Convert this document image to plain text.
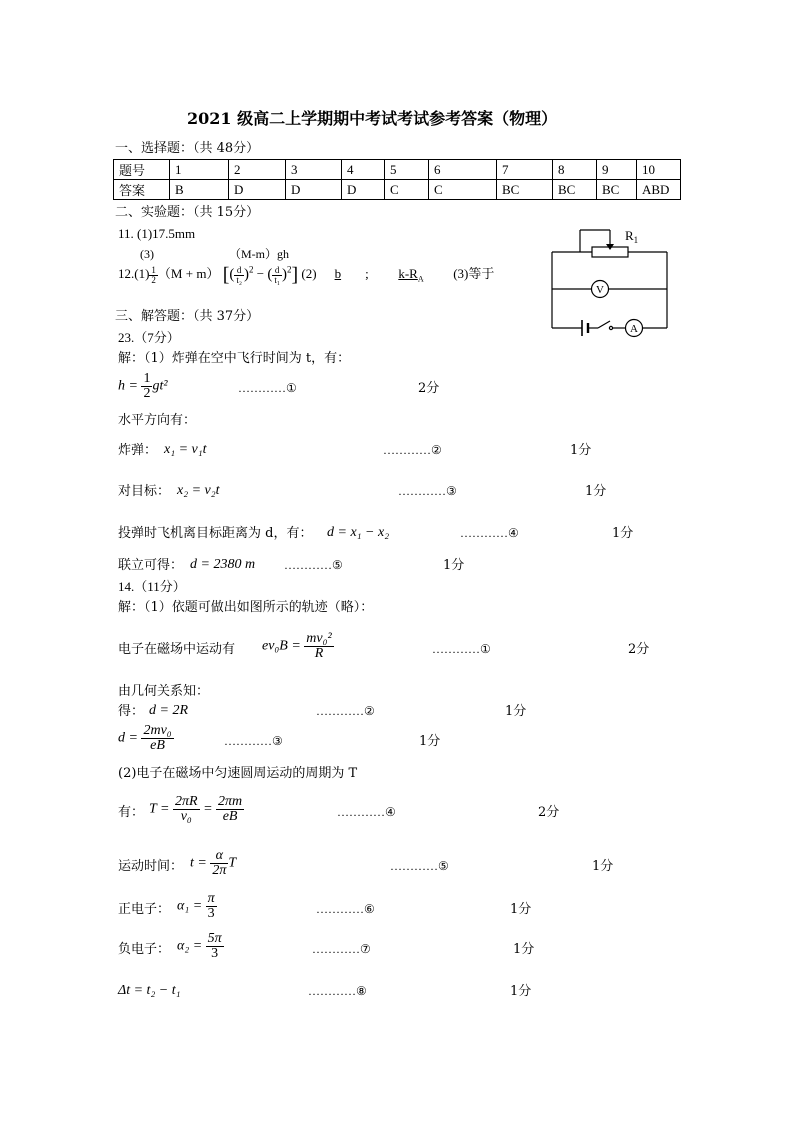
2021 级高二上学期期中考试考试参考答案（物理）
一、选择题：（共 48分）
题号	1	2	3	4	5	6	7	8	9	10
答案	B	D	D	D	C	C	BC	BC	BC	ABD
二、实验题：（共 15分）
11. (1)17.5mm
(3)	（M-m）gh
$12.(1) \frac{1}{2} (M + m)$ [( $\frac{d}{\text{t₂}} )^2$ − ( $\frac{d}{\text{t₁}} )^2$] (2) b ; $k-R_A$ (3)等于
$R_1$
V
A
三、解答题：（共 37分）
23.（7分）
解：（1）炸弹在空中飞行时间为 t，有：
$h = \frac{1}{2} gt^2$	…………①	2分
水平方向有：
炸弹： x₁ = v₁t	…………②	1分
对目标： x₂ = v₂t	…………③	1分
投弹时飞机离目标距离为 d，有： d = x₁ − x₂	…………④	1分
联立可得： d = 2380 m …………⑤	1分
14.（11分）
解：（1）依题可做出如图所示的轨迹（略）：
电子在磁场中运动有 $ev_0B = \frac{\text{mv₀²}}{R}$	…………①	2分
由几何关系知：
得： d = 2R	…………②	1分
$d = \frac{\text{2mv₀}}{eB}$	…………③	1分
(2)电子在磁场中匀速圆周运动的周期为 T
有： $T = \frac{2\pi R}{\text{v₀}} = \frac{2\pi m}{eB}$	…………④	2分
运动时间： $t = \frac{\alpha}{2\pi}$ T	…………⑤	1分
正电子： $\alpha_1 = \frac{\pi}{3}$	…………⑥	1分
负电子： $\alpha_2 = \frac{5\pi}{3}$	…………⑦	1分
Δt = t₂ − t₁	…………⑧	1分
